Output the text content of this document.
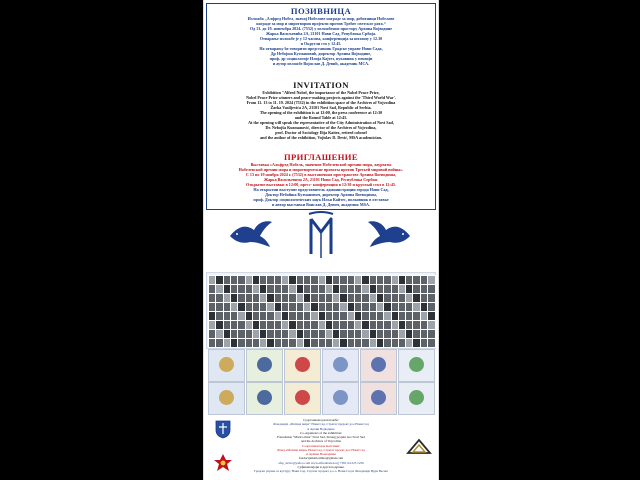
ПОЗИВНИЦА

Изложба „Алфред Нобел, значај Нобелове награде за мир, добитници Нобелове

награде за мир и миротворни пројекти против Трећег светског рата.“

Од 13. до 19. новембра 2024. (7532) у изложбеном простору Архива Војводине

Жарка Васиљевића 2А, 21101 Нови Сад, Република Србија.

Отварање изложбе је у 12 часова, конференција за штампу у 12.30

и Округли сто у 12.45.

На отварању ће говорити представник Градске управе Нови Сада,

Др Небојша Кузмановић, директор Архива Војводине,

проф. др социологије Илија Кајтез, пуковник у пензији

и аутор изложбе Војислав Д. Девић, академик МСА.

INVITATION

Exhibition "Alfred Nobel, the importance of the Nobel Peace Prize,

Nobel Peace Prize winners and peace-making projects against the 'Third World War'.

From 11. 13 to 11. 19. 2024 (7532) in the exhibition space of the Archives of Vojvodina

Žarka Vasiljevića 2A, 21101 Novi Sad, Republic of Serbia.

The opening of the exhibition is at 12:00, the press conference at 12:30

and the Round Table at 12:45.

At the opening will speak the representative of the City Administration of Novi Sad,

Dr. Nebojša Kuzmanović, director of the Archives of Vojvodina,

prof. Doctor of Sociology Ilija Kaitez, retired colonel

and the author of the exhibition, Vojislav D. Dević, MSA academician.

ПРИГЛАШЕНИЕ

Выставка «Альфред Нобель, значение Нобелевской премии мира, лауреаты

Нобелевской премии мира и миротворческие проекты против Третьей мировой войны».

С 13 по 19 ноября 2024 г. (7532) в выставочном пространстве Архива Воеводины,

Жарка Васильевича 2А, 21101 Нови Сад, Республика Сербия.

Открытие выставки в 12:00, пресс- конференция в 12:30 и круглый стол в 12:45.

На открытии выступят представитель администрации города Нови Сад,

Доктор Небойша Кузманович, директор Архива Воеводины,

проф. Доктор социологических наук Илья Кайтес, полковник в отставке

и автор выставки Воислав Д. Девич, академик MSA.

Суорганизатори изложбе:

Фондација „Матица мира“ Нови Сад, Стратег пројект доо Нови Сад

и Архив Војводине

Co-organizers of the exhibition:

Foundation "Matica mira" Novi Sad, Strateg projekt doo Novi Sad

and the Archives of Vojvodina

Соорганизаторы выставки:

Фонд «Матица мира» Нови Сад, Стратег проект доо Нови Сад

и Архива Воеводины

fondacijamaticamira@gmail.com

afsp_devic@yahoo.com www.alfrednobel.org +381 64 225 1256

Суфинансијери и други подршке:

Градска управа за културу Нови Сад, Стратег пројект д.о.о. Нови Сад и Фондација Вуди Весеш
